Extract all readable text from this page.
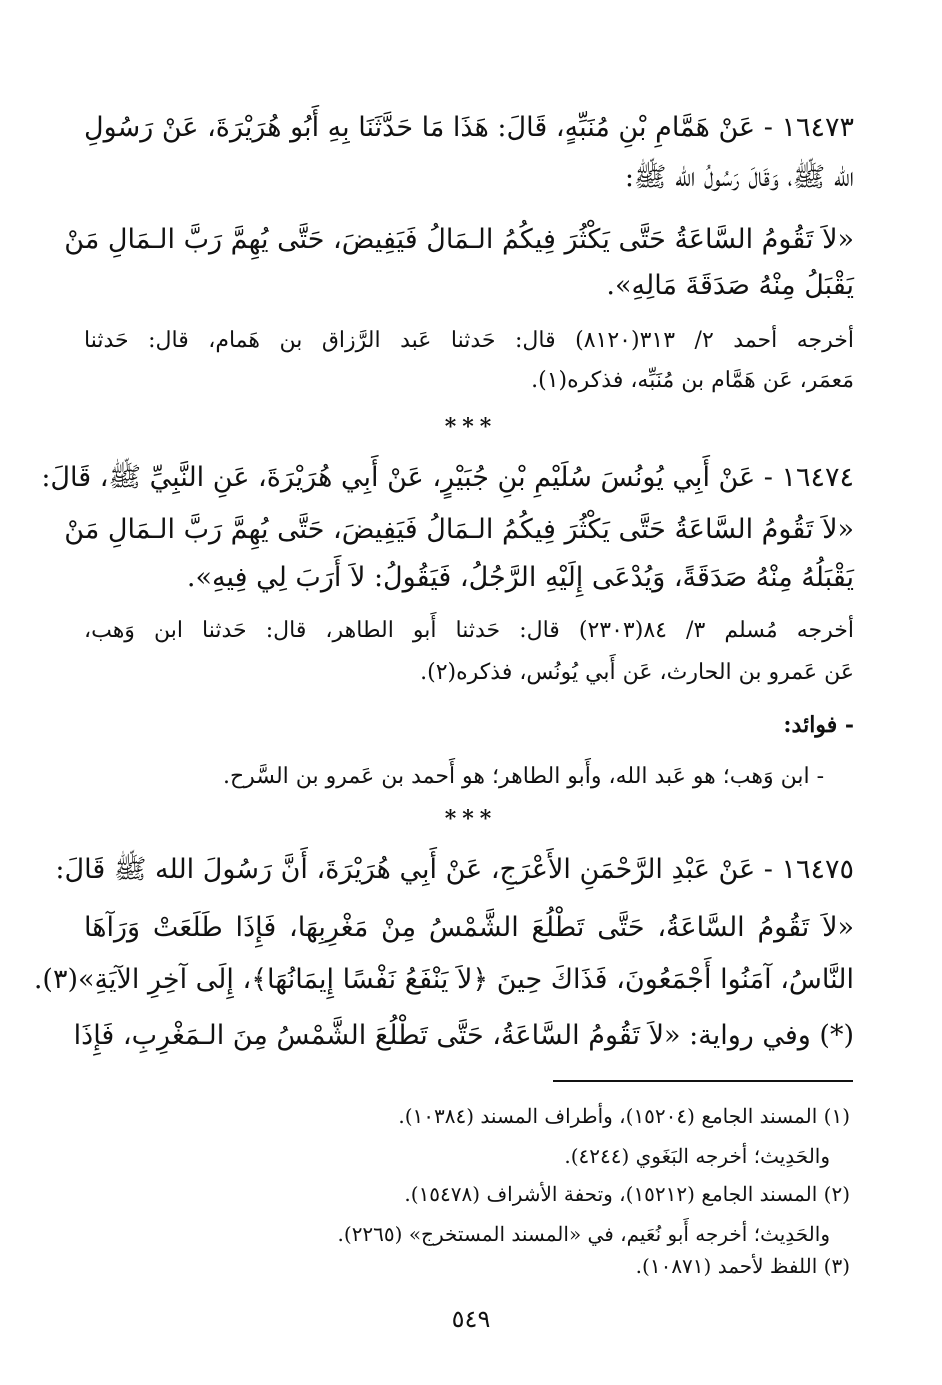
١٦٤٧٣ - عَنْ هَمَّامِ بْنِ مُنَبِّهٍ، قَالَ: هَذَا مَا حَدَّثَنَا بِهِ أَبُو هُرَيْرَةَ، عَنْ رَسُولِ
الله ﷺ، وَقَالَ رَسُولُ الله ﷺ:
«لاَ تَقُومُ السَّاعَةُ حَتَّى يَكْثُرَ فِيكُمُ الـمَالُ فَيَفِيضَ، حَتَّى يُهِمَّ رَبَّ الـمَالِ مَنْ
يَقْبَلُ مِنْهُ صَدَقَةَ مَالِهِ».
أخرجه أحمد ٢/ ٣١٣(٨١٢٠) قال: حَدثنا عَبد الرَّزاق بن هَمام، قال: حَدثنا
مَعمَر، عَن هَمَّام بن مُنَبِّه، فذكره(١).
***
١٦٤٧٤ - عَنْ أَبِي يُونُسَ سُلَيْمِ بْنِ جُبَيْرٍ، عَنْ أَبِي هُرَيْرَةَ، عَنِ النَّبِيِّ ﷺ، قَالَ:
«لاَ تَقُومُ السَّاعَةُ حَتَّى يَكْثُرَ فِيكُمُ الـمَالُ فَيَفِيضَ، حَتَّى يُهِمَّ رَبَّ الـمَالِ مَنْ
يَقْبَلُهُ مِنْهُ صَدَقَةً، وَيُدْعَى إِلَيْهِ الرَّجُلُ، فَيَقُولُ: لاَ أَرَبَ لِي فِيهِ».
أخرجه مُسلم ٣/ ٨٤(٢٣٠٣) قال: حَدثنا أَبو الطاهر، قال: حَدثنا ابن وَهب،
عَن عَمرو بن الحارث، عَن أَبي يُونُس، فذكره(٢).
- فوائد:
- ابن وَهب؛ هو عَبد الله، وأَبو الطاهر؛ هو أَحمد بن عَمرو بن السَّرح.
***
١٦٤٧٥ - عَنْ عَبْدِ الرَّحْمَنِ الأَعْرَجِ، عَنْ أَبِي هُرَيْرَةَ، أَنَّ رَسُولَ الله ﷺ قَالَ:
«لاَ تَقُومُ السَّاعَةُ، حَتَّى تَطْلُعَ الشَّمْسُ مِنْ مَغْرِبِهَا، فَإِذَا طَلَعَتْ وَرَآهَا
النَّاسُ، آمَنُوا أَجْمَعُونَ، فَذَاكَ حِينَ ﴿لاَ يَنْفَعُ نَفْسًا إِيمَانُهَا﴾، إِلَى آخِرِ الآيَةِ»(٣).
(*) وفي رواية: «لاَ تَقُومُ السَّاعَةُ، حَتَّى تَطْلُعَ الشَّمْسُ مِنَ الـمَغْرِبِ، فَإِذَا
(١) المسند الجامع (١٥٢٠٤)، وأطراف المسند (١٠٣٨٤).
والحَدِيث؛ أخرجه البَغَوي (٤٢٤٤).
(٢) المسند الجامع (١٥٢١٢)، وتحفة الأشراف (١٥٤٧٨).
والحَدِيث؛ أخرجه أَبو نُعَيم، في «المسند المستخرج» (٢٢٦٥).
(٣) اللفظ لأحمد (١٠٨٧١).
٥٤٩
